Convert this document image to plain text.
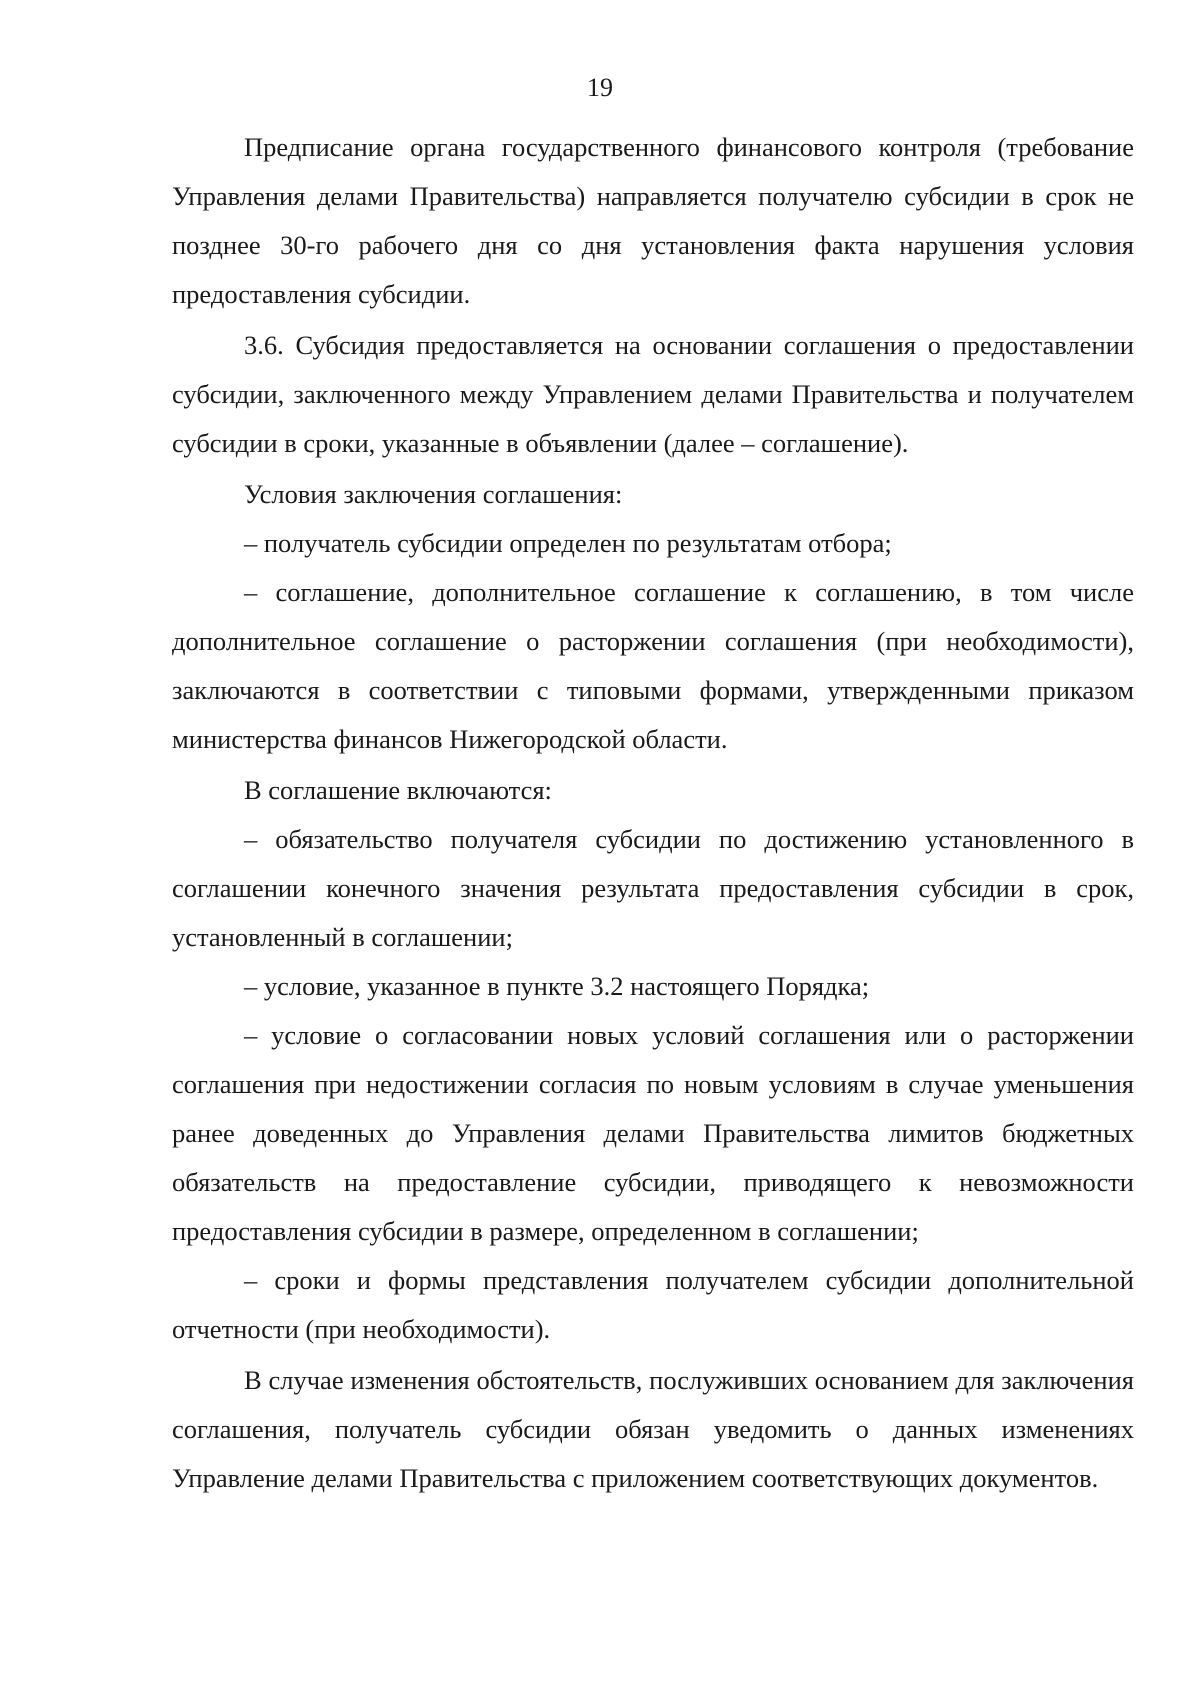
19

Предписание органа государственного финансового контроля (требование Управления делами Правительства) направляется получателю субсидии в срок не позднее 30-го рабочего дня со дня установления факта нарушения условия предоставления субсидии.

3.6. Субсидия предоставляется на основании соглашения о предоставлении субсидии, заключенного между Управлением делами Правительства и получателем субсидии в сроки, указанные в объявлении (далее – соглашение).

Условия заключения соглашения:

– получатель субсидии определен по результатам отбора;

– соглашение, дополнительное соглашение к соглашению, в том числе дополнительное соглашение о расторжении соглашения (при необходимости), заключаются в соответствии с типовыми формами, утвержденными приказом министерства финансов Нижегородской области.

В соглашение включаются:

– обязательство получателя субсидии по достижению установленного в соглашении конечного значения результата предоставления субсидии в срок, установленный в соглашении;

– условие, указанное в пункте 3.2 настоящего Порядка;

– условие о согласовании новых условий соглашения или о расторжении соглашения при недостижении согласия по новым условиям в случае уменьшения ранее доведенных до Управления делами Правительства лимитов бюджетных обязательств на предоставление субсидии, приводящего к невозможности предоставления субсидии в размере, определенном в соглашении;

– сроки и формы представления получателем субсидии дополнительной отчетности (при необходимости).

В случае изменения обстоятельств, послуживших основанием для заключения соглашения, получатель субсидии обязан уведомить о данных изменениях Управление делами Правительства с приложением соответствующих документов.
